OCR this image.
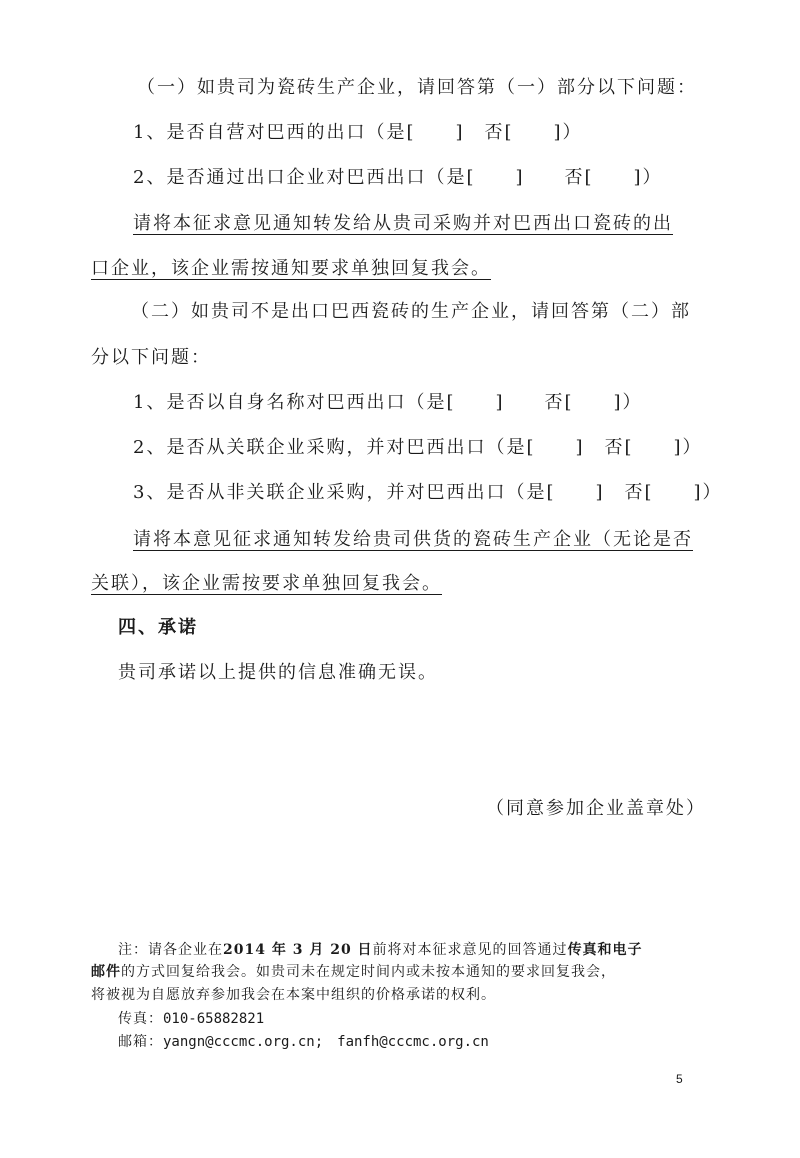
（一）如贵司为瓷砖生产企业，请回答第（一）部分以下问题：
1、是否自营对巴西的出口（是[　　]　否[　　]）
2、是否通过出口企业对巴西出口（是[　　]　　否[　　]）
请将本征求意见通知转发给从贵司采购并对巴西出口瓷砖的出
口企业，该企业需按通知要求单独回复我会。
（二）如贵司不是出口巴西瓷砖的生产企业，请回答第（二）部
分以下问题：
1、是否以自身名称对巴西出口（是[　　]　　否[　　]）
2、是否从关联企业采购，并对巴西出口（是[　　]　否[　　]）
3、是否从非关联企业采购，并对巴西出口（是[　　]　否[　　]）
请将本意见征求通知转发给贵司供货的瓷砖生产企业（无论是否
关联），该企业需按要求单独回复我会。
四、承诺
贵司承诺以上提供的信息准确无误。
（同意参加企业盖章处）
注：请各企业在2014 年 3 月 20 日前将对本征求意见的回答通过传真和电子
邮件的方式回复给我会。如贵司未在规定时间内或未按本通知的要求回复我会，
将被视为自愿放弃参加我会在本案中组织的价格承诺的权利。
传真：010-65882821
邮箱：yangn@cccmc.org.cn;　fanfh@cccmc.org.cn
5
